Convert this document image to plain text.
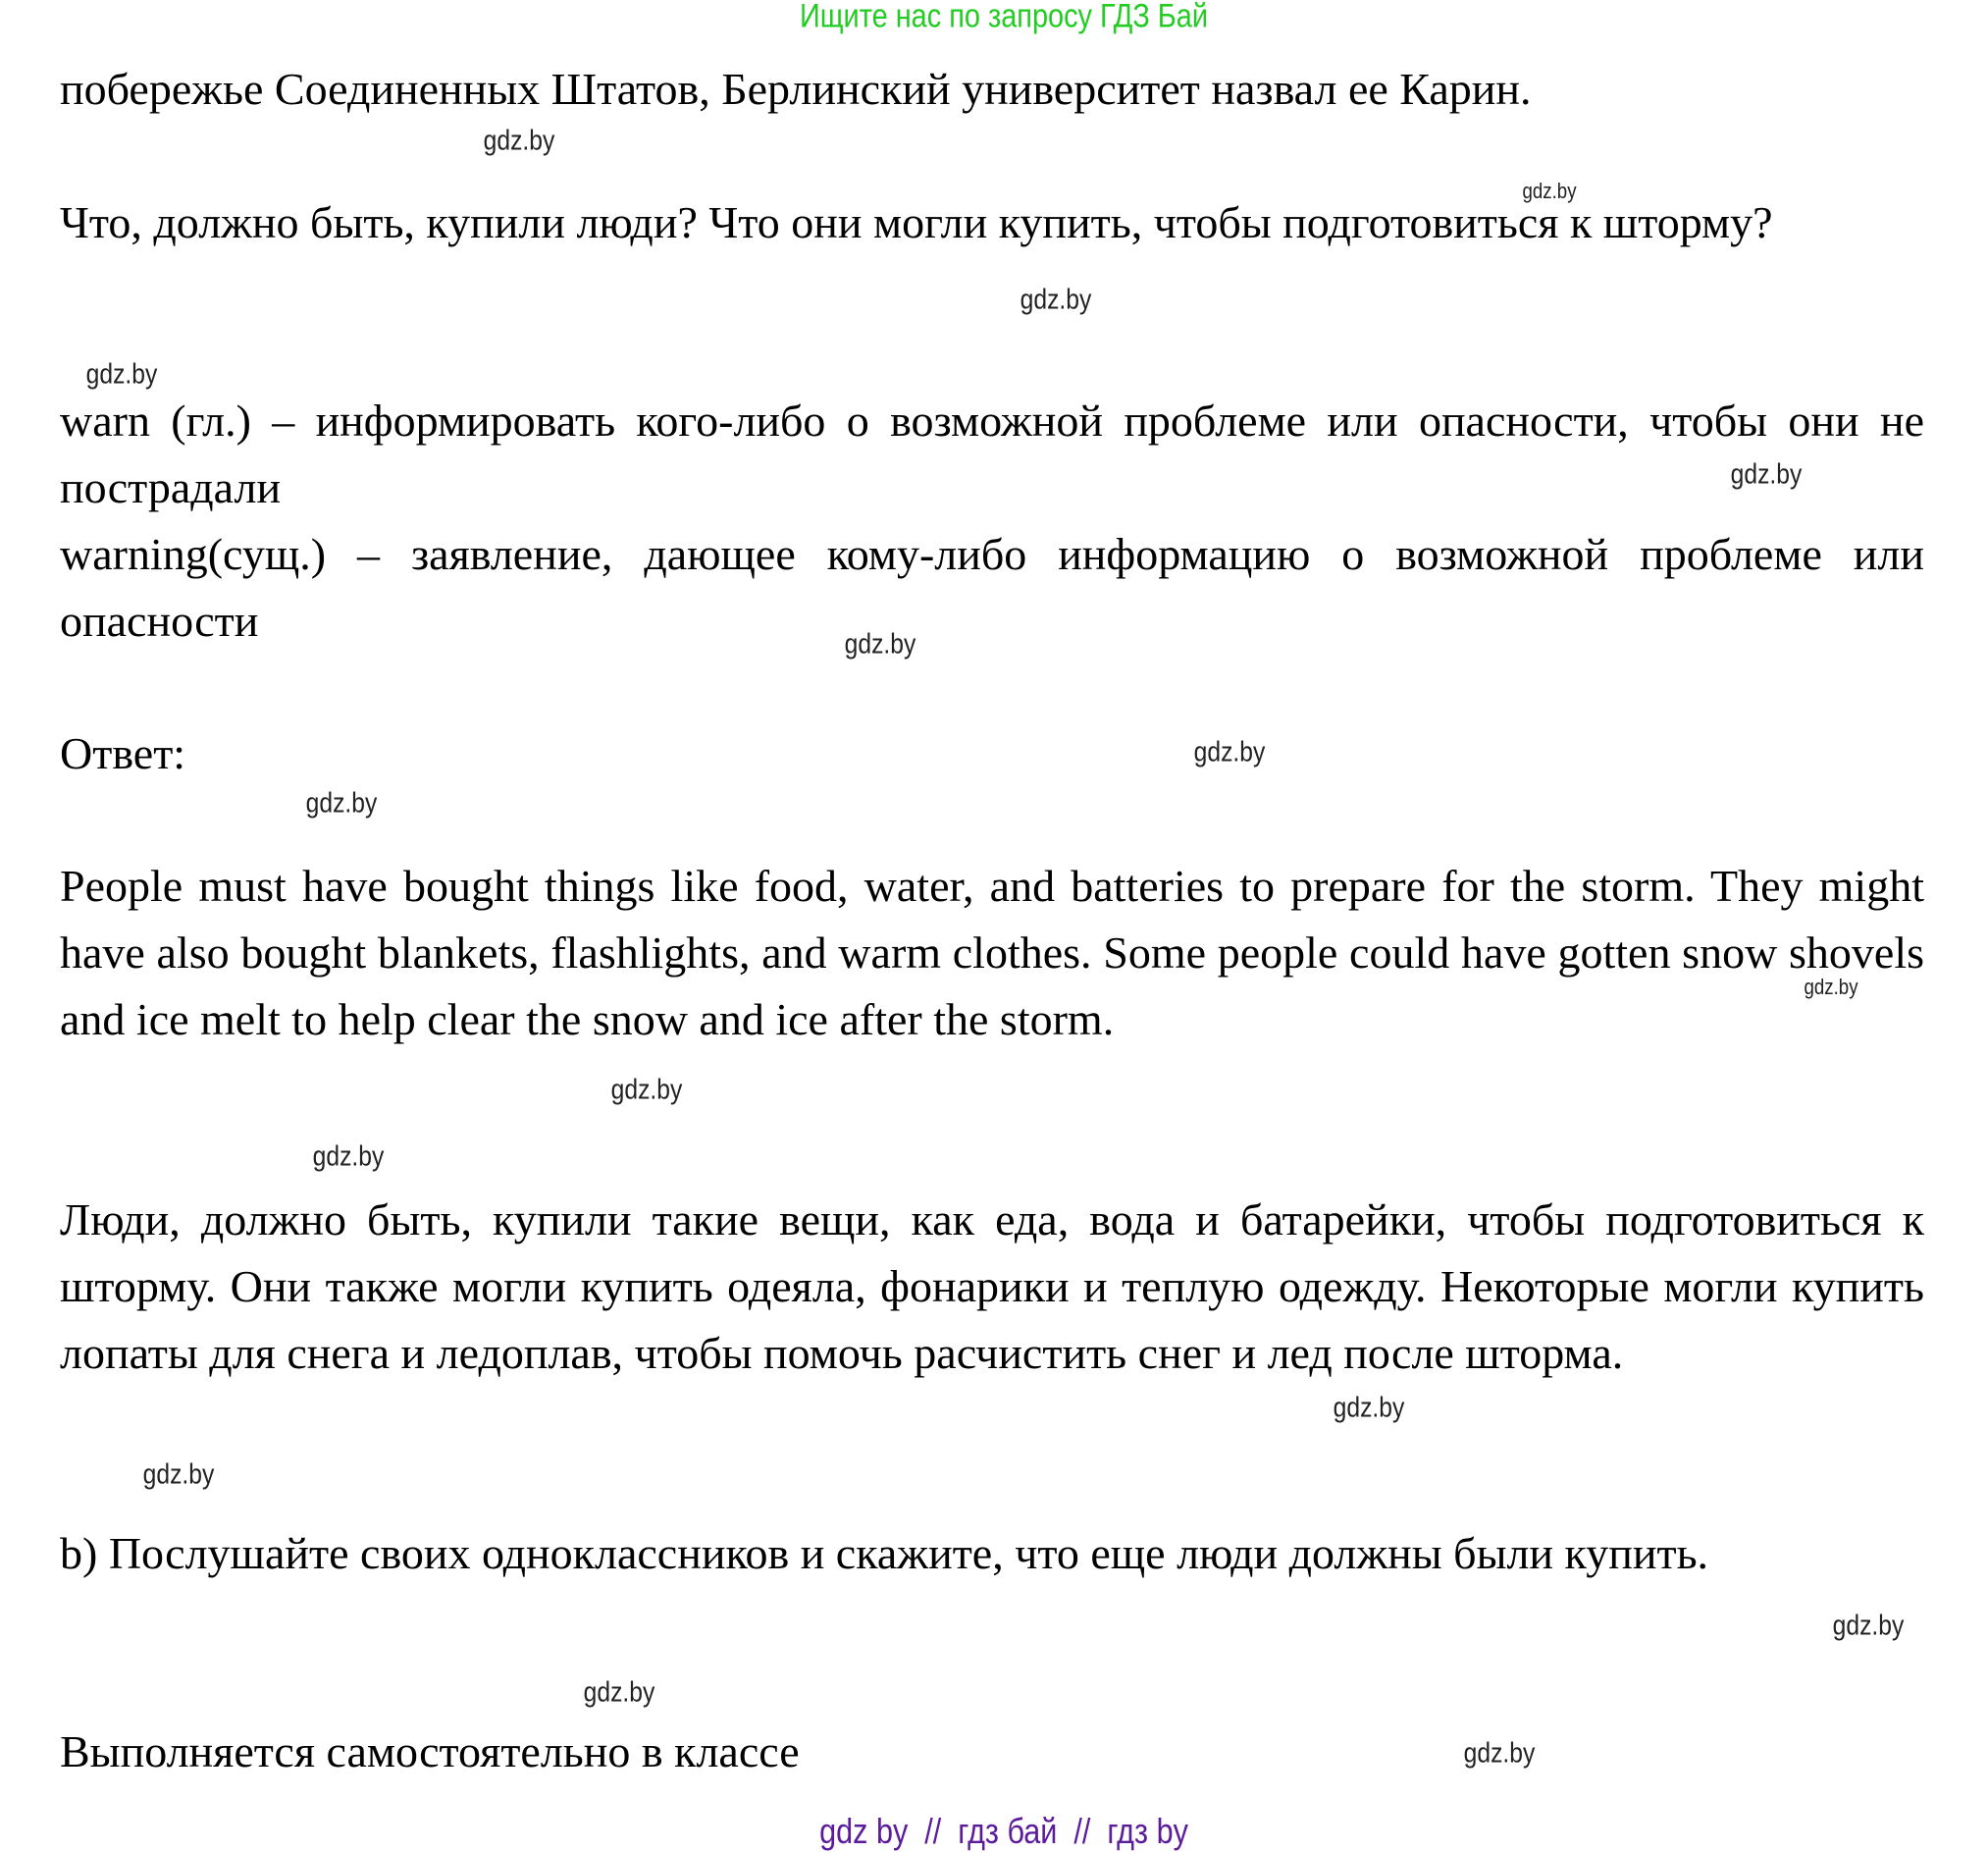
Ищите нас по запросу ГДЗ Бай
побережье Соединенных Штатов, Берлинский университет назвал ее Карин.
Что, должно быть, купили люди? Что они могли купить, чтобы подготовиться к шторму?
warn (гл.) – информировать кого-либо о возможной проблеме или опасности, чтобы они не пострадали
warning(сущ.) – заявление, дающее кому-либо информацию о возможной проблеме или опасности
Ответ:
People must have bought things like food, water, and batteries to prepare for the storm. They might have also bought blankets, flashlights, and warm clothes. Some people could have gotten snow shovels and ice melt to help clear the snow and ice after the storm.
Люди, должно быть, купили такие вещи, как еда, вода и батарейки, чтобы подготовиться к шторму. Они также могли купить одеяла, фонарики и теплую одежду. Некоторые могли купить лопаты для снега и ледоплав, чтобы помочь расчистить снег и лед после шторма.
b) Послушайте своих одноклассников и скажите, что еще люди должны были купить.
Выполняется самостоятельно в классе
gdz.by
gdz.by
gdz.by
gdz.by
gdz.by
gdz.by
gdz.by
gdz.by
gdz.by
gdz.by
gdz.by
gdz.by
gdz.by
gdz.by
gdz.by
gdz.by
gdz by  //  гдз бай  //  гдз by
